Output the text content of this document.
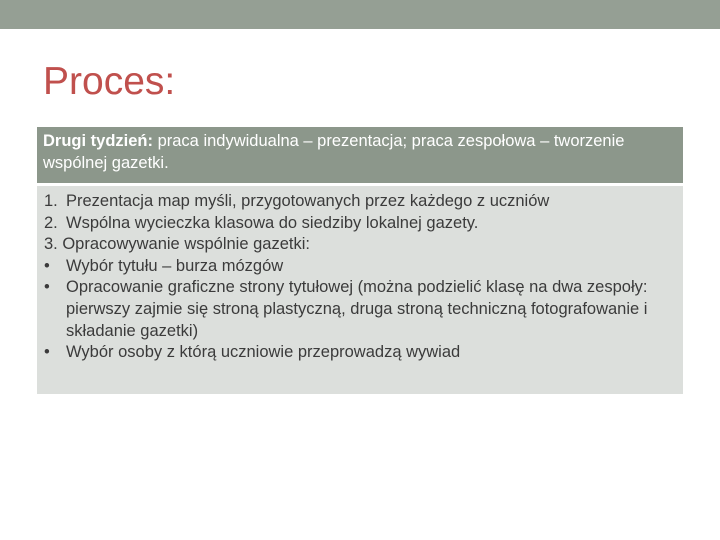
Proces:
Drugi tydzień: praca indywidualna – prezentacja; praca zespołowa – tworzenie wspólnej gazetki.
1. Prezentacja map myśli, przygotowanych przez każdego z uczniów
2. Wspólna wycieczka klasowa do siedziby lokalnej gazety.
3. Opracowywanie wspólnie gazetki:
• Wybór tytułu – burza mózgów
• Opracowanie graficzne strony tytułowej (można podzielić klasę na dwa zespoły: pierwszy zajmie się stroną plastyczną, druga stroną techniczną fotografowanie i składanie gazetki)
• Wybór osoby z którą uczniowie przeprowadzą wywiad
